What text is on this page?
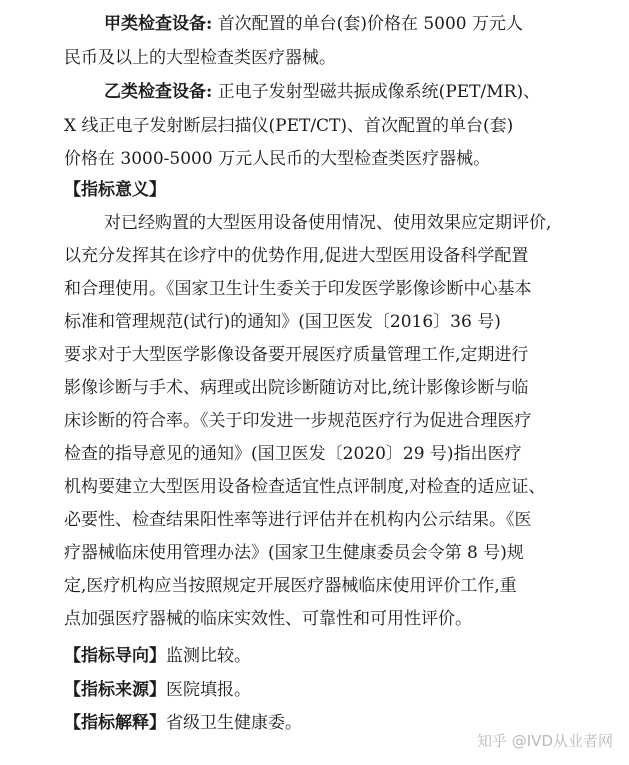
甲类检查设备: 首次配置的单台(套)价格在 5000 万元人
民币及以上的大型检查类医疗器械。
乙类检查设备: 正电子发射型磁共振成像系统(PET/MR)、
X 线正电子发射断层扫描仪(PET/CT)、首次配置的单台(套)
价格在 3000-5000 万元人民币的大型检查类医疗器械。
【指标意义】
对已经购置的大型医用设备使用情况、使用效果应定期评价,
以充分发挥其在诊疗中的优势作用,促进大型医用设备科学配置
和合理使用。《国家卫生计生委关于印发医学影像诊断中心基本
标准和管理规范(试行)的通知》(国卫医发〔2016〕36 号)
要求对于大型医学影像设备要开展医疗质量管理工作,定期进行
影像诊断与手术、病理或出院诊断随访对比,统计影像诊断与临
床诊断的符合率。《关于印发进一步规范医疗行为促进合理医疗
检查的指导意见的通知》(国卫医发〔2020〕29 号)指出医疗
机构要建立大型医用设备检查适宜性点评制度,对检查的适应证、
必要性、检查结果阳性率等进行评估并在机构内公示结果。《医
疗器械临床使用管理办法》(国家卫生健康委员会令第 8 号)规
定,医疗机构应当按照规定开展医疗器械临床使用评价工作,重
点加强医疗器械的临床实效性、可靠性和可用性评价。
【指标导向】监测比较。
【指标来源】医院填报。
【指标解释】省级卫生健康委。
知乎 @IVD从业者网
